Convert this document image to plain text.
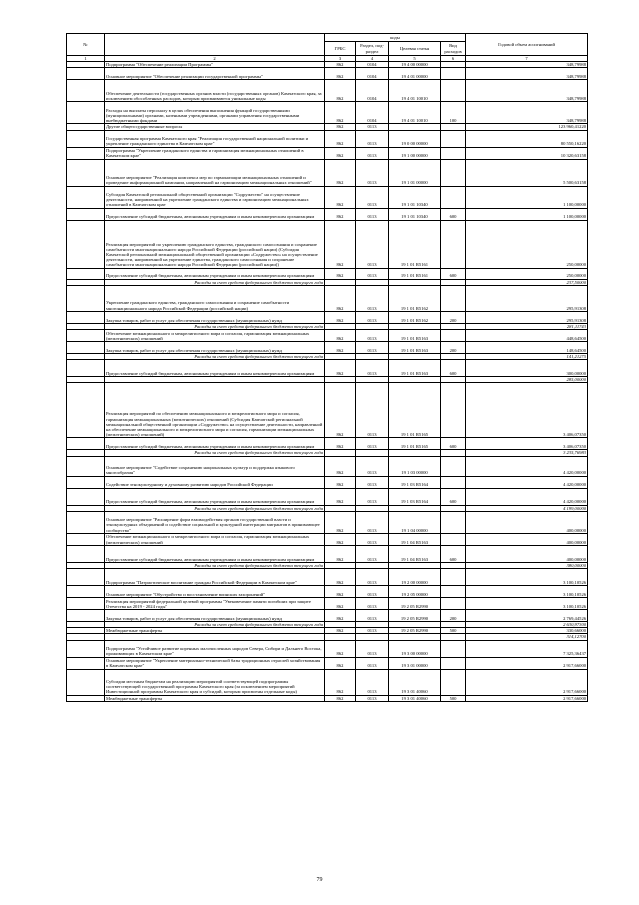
№		коды				Годовой объем ассигнований
		ГРБС	Раздел, под-раздел	Целевая статья	Вид расходов	
1	2	3	4	5	6	7
	Подпрограмма "Обеспечение реализации Программы"	862	0104	19 4 00 00000		348,79988
	Основное мероприятие "Обеспечение реализации государственной программы"	862	0104	19 4 01 00000		348,79988
	Обеспечение деятельности (государственных органов власти (государственных органов) Камчатского края, за исключением обособленных расходов, которым присваиваются уникальные коды	862	0104	19 4 01 10010		348,79988
	Расходы на выплаты персоналу в целях обеспечения выполнения функций государственными (муниципальными) органами, казенными учреждениями, органами управления государственными внебюджетными фондами	862	0104	19 4 01 10010	100	348,79988
	Другие общегосударственные вопросы	862	0113			123 960,41220
	Государственная программа Камчатского края "Реализация государственной национальной политики и укрепление гражданского единства в Камчатском крае"	862	0113	19 0 00 00000		80 550,16220
	Подпрограмма "Укрепление гражданского единства и гармонизация межнациональных отношений в Камчатском крае"	862	0113	19 1 00 00000		10 320,63158
	Основное мероприятие "Реализация комплекса мер по гармонизации межнациональных отношений и проведение информационной кампании, направленной на гармонизацию межнациональных отношений"	862	0113	19 1 01 00000		5 500,63158
	Субсидия Камчатской региональной общественной организации "Содружество" на осуществление деятельности, направленной на укрепление гражданского единства и гармонизацию межнациональных отношений в Камчатском крае	862	0113	19 1 01 10340		1 100,00000
	Предоставление субсидий бюджетным, автономным учреждениям и иным некоммерческим организациям	862	0113	19 1 01 10340	600	1 100,00000
	Реализация мероприятий по укреплению гражданского единства, гражданского самосознания и сохранение самобытности многонационального народа Российской Федерации (российской нации) (Субсидия Камчатской региональной межнациональной общественной организации «Содружество» на осуществление деятельности, направленной на укрепление единства, гражданского самосознания и сохранение самобытности многонационального народа Российской Федерации (российской нации))	862	0113	19 1 01 R5161		250,00000
	Предоставление субсидий бюджетным, автономным учреждениям и иным некоммерческим организациям	862	0113	19 1 01 R5161	600	250,00000
	Расходы за счет средств федерального бюджета текущего года					237,50000
	Укрепление гражданского единства, гражданского самосознания и сохранение самобытности многонационального народа Российской Федерации (российской нации)	862	0113	19 1 01 R5162		295,91308
	Закупка товаров, работ и услуг для обеспечения государственных (муниципальных) нужд	862	0113	19 1 01 R5162	200	295,91308
	Расходы за счет средств федерального бюджета текущего года					281,11743
	Обеспечение межнационального и межрелигиозного мира и согласия, гармонизация межнациональных (межэтнических) отношений	862	0113	19 1 01 R5163		448,64500
	Закупка товаров, работ и услуг для обеспечения государственных (муниципальных) нужд	862	0113	19 1 01 R5163	200	148,64500
	Расходы за счет средств федерального бюджета текущего года					141,21275
	Предоставление субсидий бюджетным, автономным учреждениям и иным некоммерческим организациям	862	0113	19 1 01 R5163	600	300,00000
						285,00000
	Реализация мероприятий по обеспечению межнационального и межрелигиозного мира и согласия, гармонизация межнациональных (межэтнических) отношений (Субсидия Камчатской региональной межнациональной общественной организации «Содружество» на осуществление деятельности, направленной на обеспечение межнационального и межрелигиозного мира и согласия, гармонизации межнациональных (межэтнических) отношений)	862	0113	19 1 01 R5165		3 406,07350
	Предоставление субсидий бюджетным, автономным учреждениям и иным некоммерческим организациям	862	0113	19 1 01 R5165	600	3 406,07350
	Расходы за счет средств федерального бюджета текущего года					3 235,76983
	Основное мероприятие "Содействие сохранению национальных культур и поддержка языкового многообразия"	862	0113	19 1 03 00000		4 420,00000
	Содействие этнокультурному и духовному развитию народов Российской Федерации	862	0113	19 1 03 R5164		4 420,00000
	Предоставление субсидий бюджетным, автономным учреждениям и иным некоммерческим организациям	862	0113	19 1 03 R5164	600	4 420,00000
	Расходы за счет средств федерального бюджета текущего года					4 199,00000
	Основное мероприятие "Расширение форм взаимодействия органов государственной власти и этнокультурных объединений и содействие социальной и культурной интеграции мигрантов в принимающее сообщество"	862	0113	19 1 04 00000		400,00000
	Обеспечение межнационального и межрелигиозного мира и согласия, гармонизация межнациональных (межэтнических) отношений	862	0113	19 1 04 R5163		400,00000
	Предоставление субсидий бюджетным, автономным учреждениям и иным некоммерческим организациям	862	0113	19 1 04 R5163	600	400,00000
	Расходы за счет средств федерального бюджета текущего года					380,00000
	Подпрограмма "Патриотическое воспитание граждан Российской Федерации в Камчатском крае"	862	0113	19 2 00 00000		3 100,10526
	Основное мероприятие "Обустройство и восстановление воинских захоронений"	862	0113	19 2 05 00000		3 100,10526
	Реализация мероприятий федеральной целевой программы "Увековечение памяти погибших при защите Отечества на 2019 - 2024 годы"	862	0113	19 2 05 R2990		3 100,10526
	Закупка товаров, работ и услуг для обеспечения государственных (муниципальных) нужд	862	0113	19 2 05 R2990	200	2 769,44526
	Расходы за счет средств федерального бюджета текущего года					2 630,97300
	Межбюджетные трансферты	862	0113	19 2 05 R2990	500	330,66000
						314,12700
	Подпрограмма "Устойчивое развитие коренных малочисленных народов Севера, Сибири и Дальнего Востока, проживающих в Камчатском крае"	862	0113	19 3 00 00000		7 325,36437
	Основное мероприятие "Укрепление материально-технической базы традиционных отраслей хозяйствования в Камчатском крае"	862	0113	19 3 01 00000		2 917,66000
	Субсидии местным бюджетам на реализацию мероприятий соответствующей подпрограммы соответствующей государственной программы Камчатского края (за исключением мероприятий Инвестиционной программы Камчатского края и субсидий, которым присвоены отдельные коды)	862	0113	19 3 01 40060		2 917,66000
	Межбюджетные трансферты	862	0113	19 3 01 40060	500	2 917,66000
79
